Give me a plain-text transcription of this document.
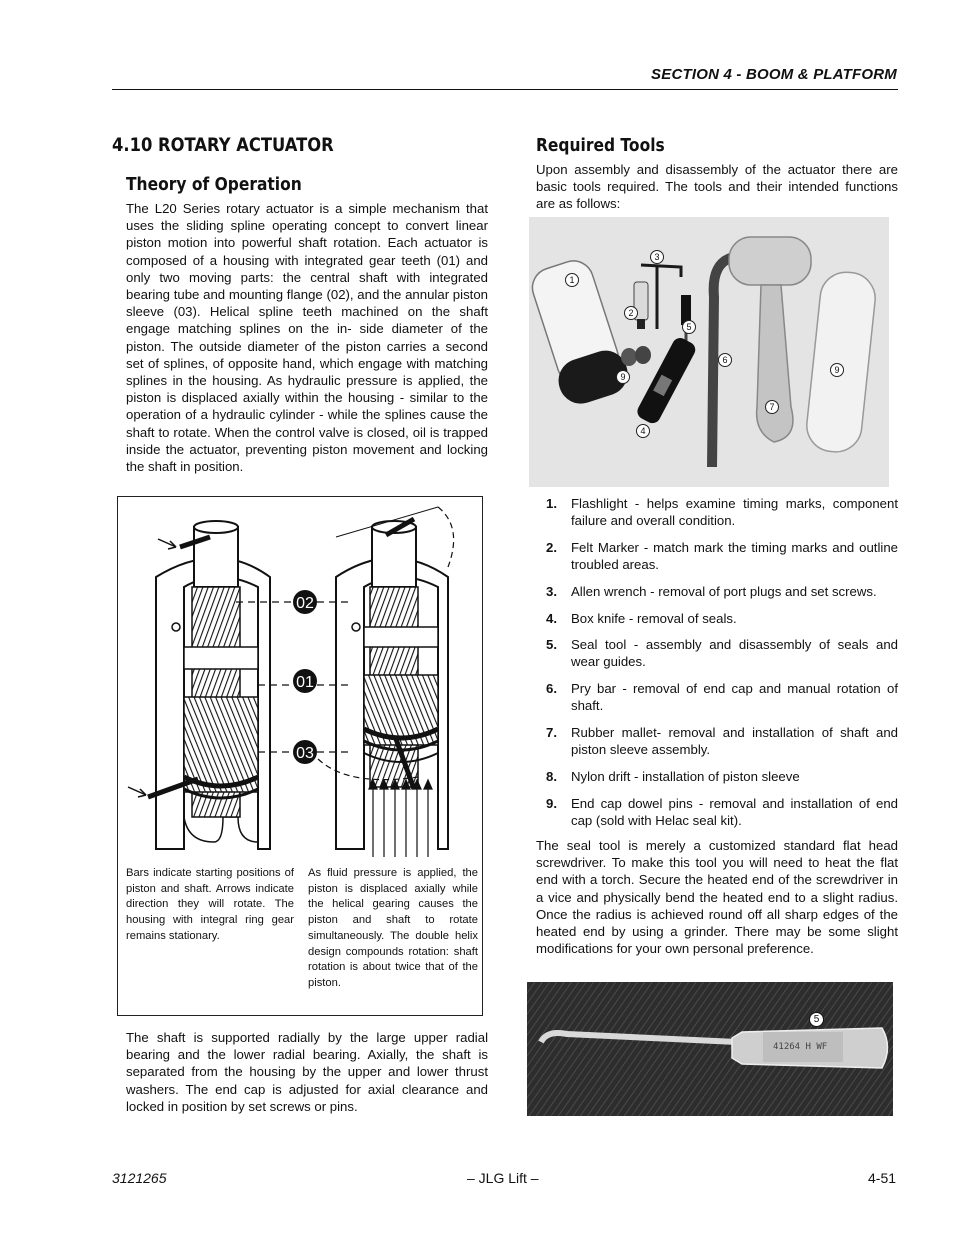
SECTION 4 - BOOM & PLATFORM
4.10 ROTARY ACTUATOR
Theory of Operation
The L20 Series rotary actuator is a simple mechanism that uses the sliding spline operating concept to convert linear piston motion into powerful shaft rotation. Each actuator is composed of a housing with integrated gear teeth (01) and only two moving parts: the central shaft with integrated bearing tube and mounting flange (02), and the annular piston sleeve (03). Helical spline teeth machined on the shaft engage matching splines on the in- side diameter of the piston. The outside diameter of the piston carries a second set of splines, of opposite hand, which engage with matching splines in the housing. As hydraulic pressure is applied, the piston is displaced axially within the housing - similar to the operation of a hydraulic cylinder - while the splines cause the shaft to rotate. When the control valve is closed, oil is trapped inside the actuator, preventing piston movement and locking the shaft in position.
02
01
03
Bars indicate starting positions of piston and shaft. Arrows indicate direction they will rotate. The housing with integral ring gear remains stationary.
As fluid pressure is applied, the piston is displaced axially while the helical gearing causes the piston and shaft to rotate simultaneously. The double helix design compounds rotation: shaft rotation is about twice that of the piston.
The shaft is supported radially by the large upper radial bearing and the lower radial bearing. Axially, the shaft is separated from the housing by the upper and lower thrust washers. The end cap is adjusted for axial clearance and locked in position by set screws or pins.
Required Tools
Upon assembly and disassembly of the actuator there are basic tools required. The tools and their intended functions are as follows:
1
2
3
4
5
6
7
9
9
1. Flashlight - helps examine timing marks, component failure and overall condition.
2. Felt Marker - match mark the timing marks and outline troubled areas.
3. Allen wrench - removal of port plugs and set screws.
4. Box knife - removal of seals.
5. Seal tool - assembly and disassembly of seals and wear guides.
6. Pry bar - removal of end cap and manual rotation of shaft.
7. Rubber mallet- removal and installation of shaft and piston sleeve assembly.
8. Nylon drift - installation of piston sleeve
9. End cap dowel pins - removal and installation of end cap (sold with Helac seal kit).
The seal tool is merely a customized standard flat head screwdriver. To make this tool you will need to heat the flat end with a torch. Secure the heated end of the screwdriver in a vice and physically bend the heated end to a slight radius. Once the radius is achieved round off all sharp edges of the heated end by using a grinder. There may be some slight modifications for your own personal preference.
5
41264 H WF
3121265	– JLG Lift –	4-51
